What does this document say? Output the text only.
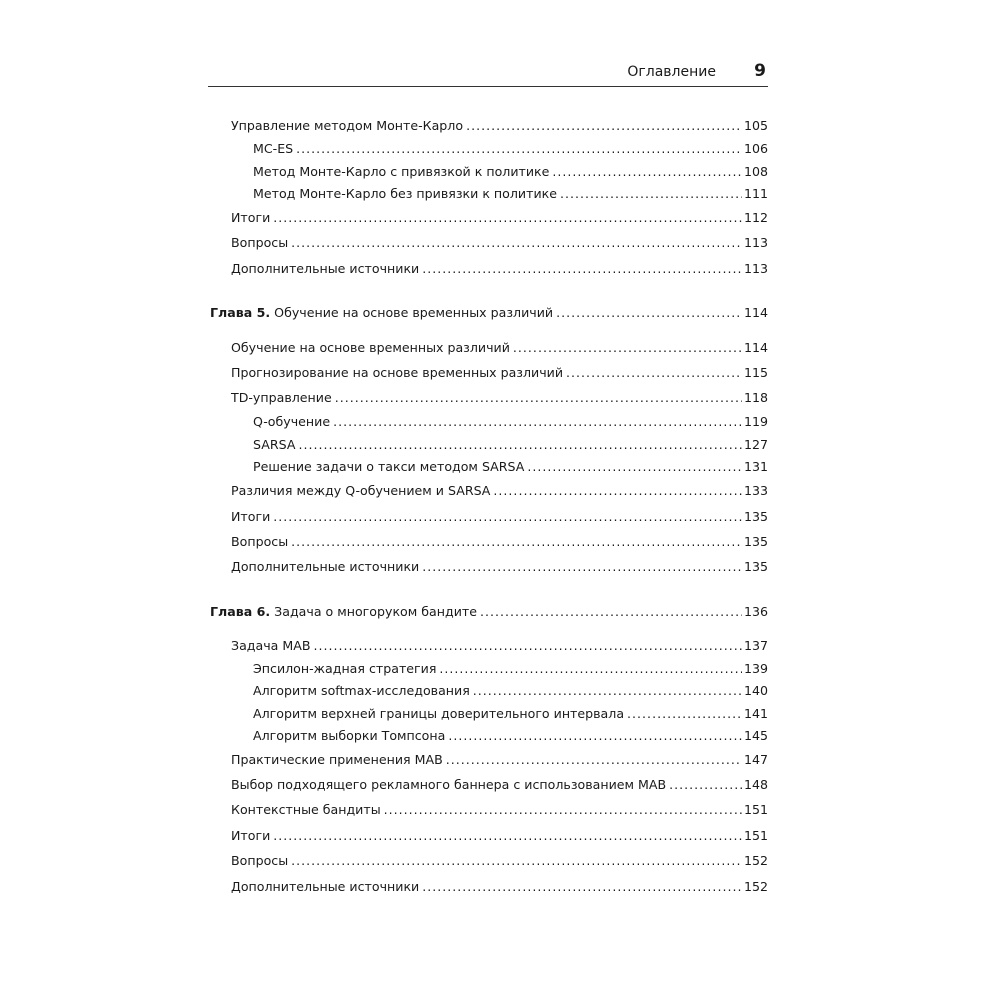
Оглавление 9
Управление методом Монте-Карло .....	105
MC-ES .....	106
Метод Монте-Карло с привязкой к политике .....	108
Метод Монте-Карло без привязки к политике .....	111
Итоги .....	112
Вопросы .....	113
Дополнительные источники .....	113
Глава 5. Обучение на основе временных различий .....	114
Обучение на основе временных различий .....	114
Прогнозирование на основе временных различий .....	115
TD-управление .....	118
Q-обучение .....	119
SARSA .....	127
Решение задачи о такси методом SARSA .....	131
Различия между Q-обучением и SARSA .....	133
Итоги .....	135
Вопросы .....	135
Дополнительные источники .....	135
Глава 6. Задача о многоруком бандите .....	136
Задача MAB .....	137
Эпсилон-жадная стратегия .....	139
Алгоритм softmax-исследования .....	140
Алгоритм верхней границы доверительного интервала .....	141
Алгоритм выборки Томпсона .....	145
Практические применения MAB .....	147
Выбор подходящего рекламного баннера с использованием MAB .....	148
Контекстные бандиты .....	151
Итоги .....	151
Вопросы .....	152
Дополнительные источники .....	152
